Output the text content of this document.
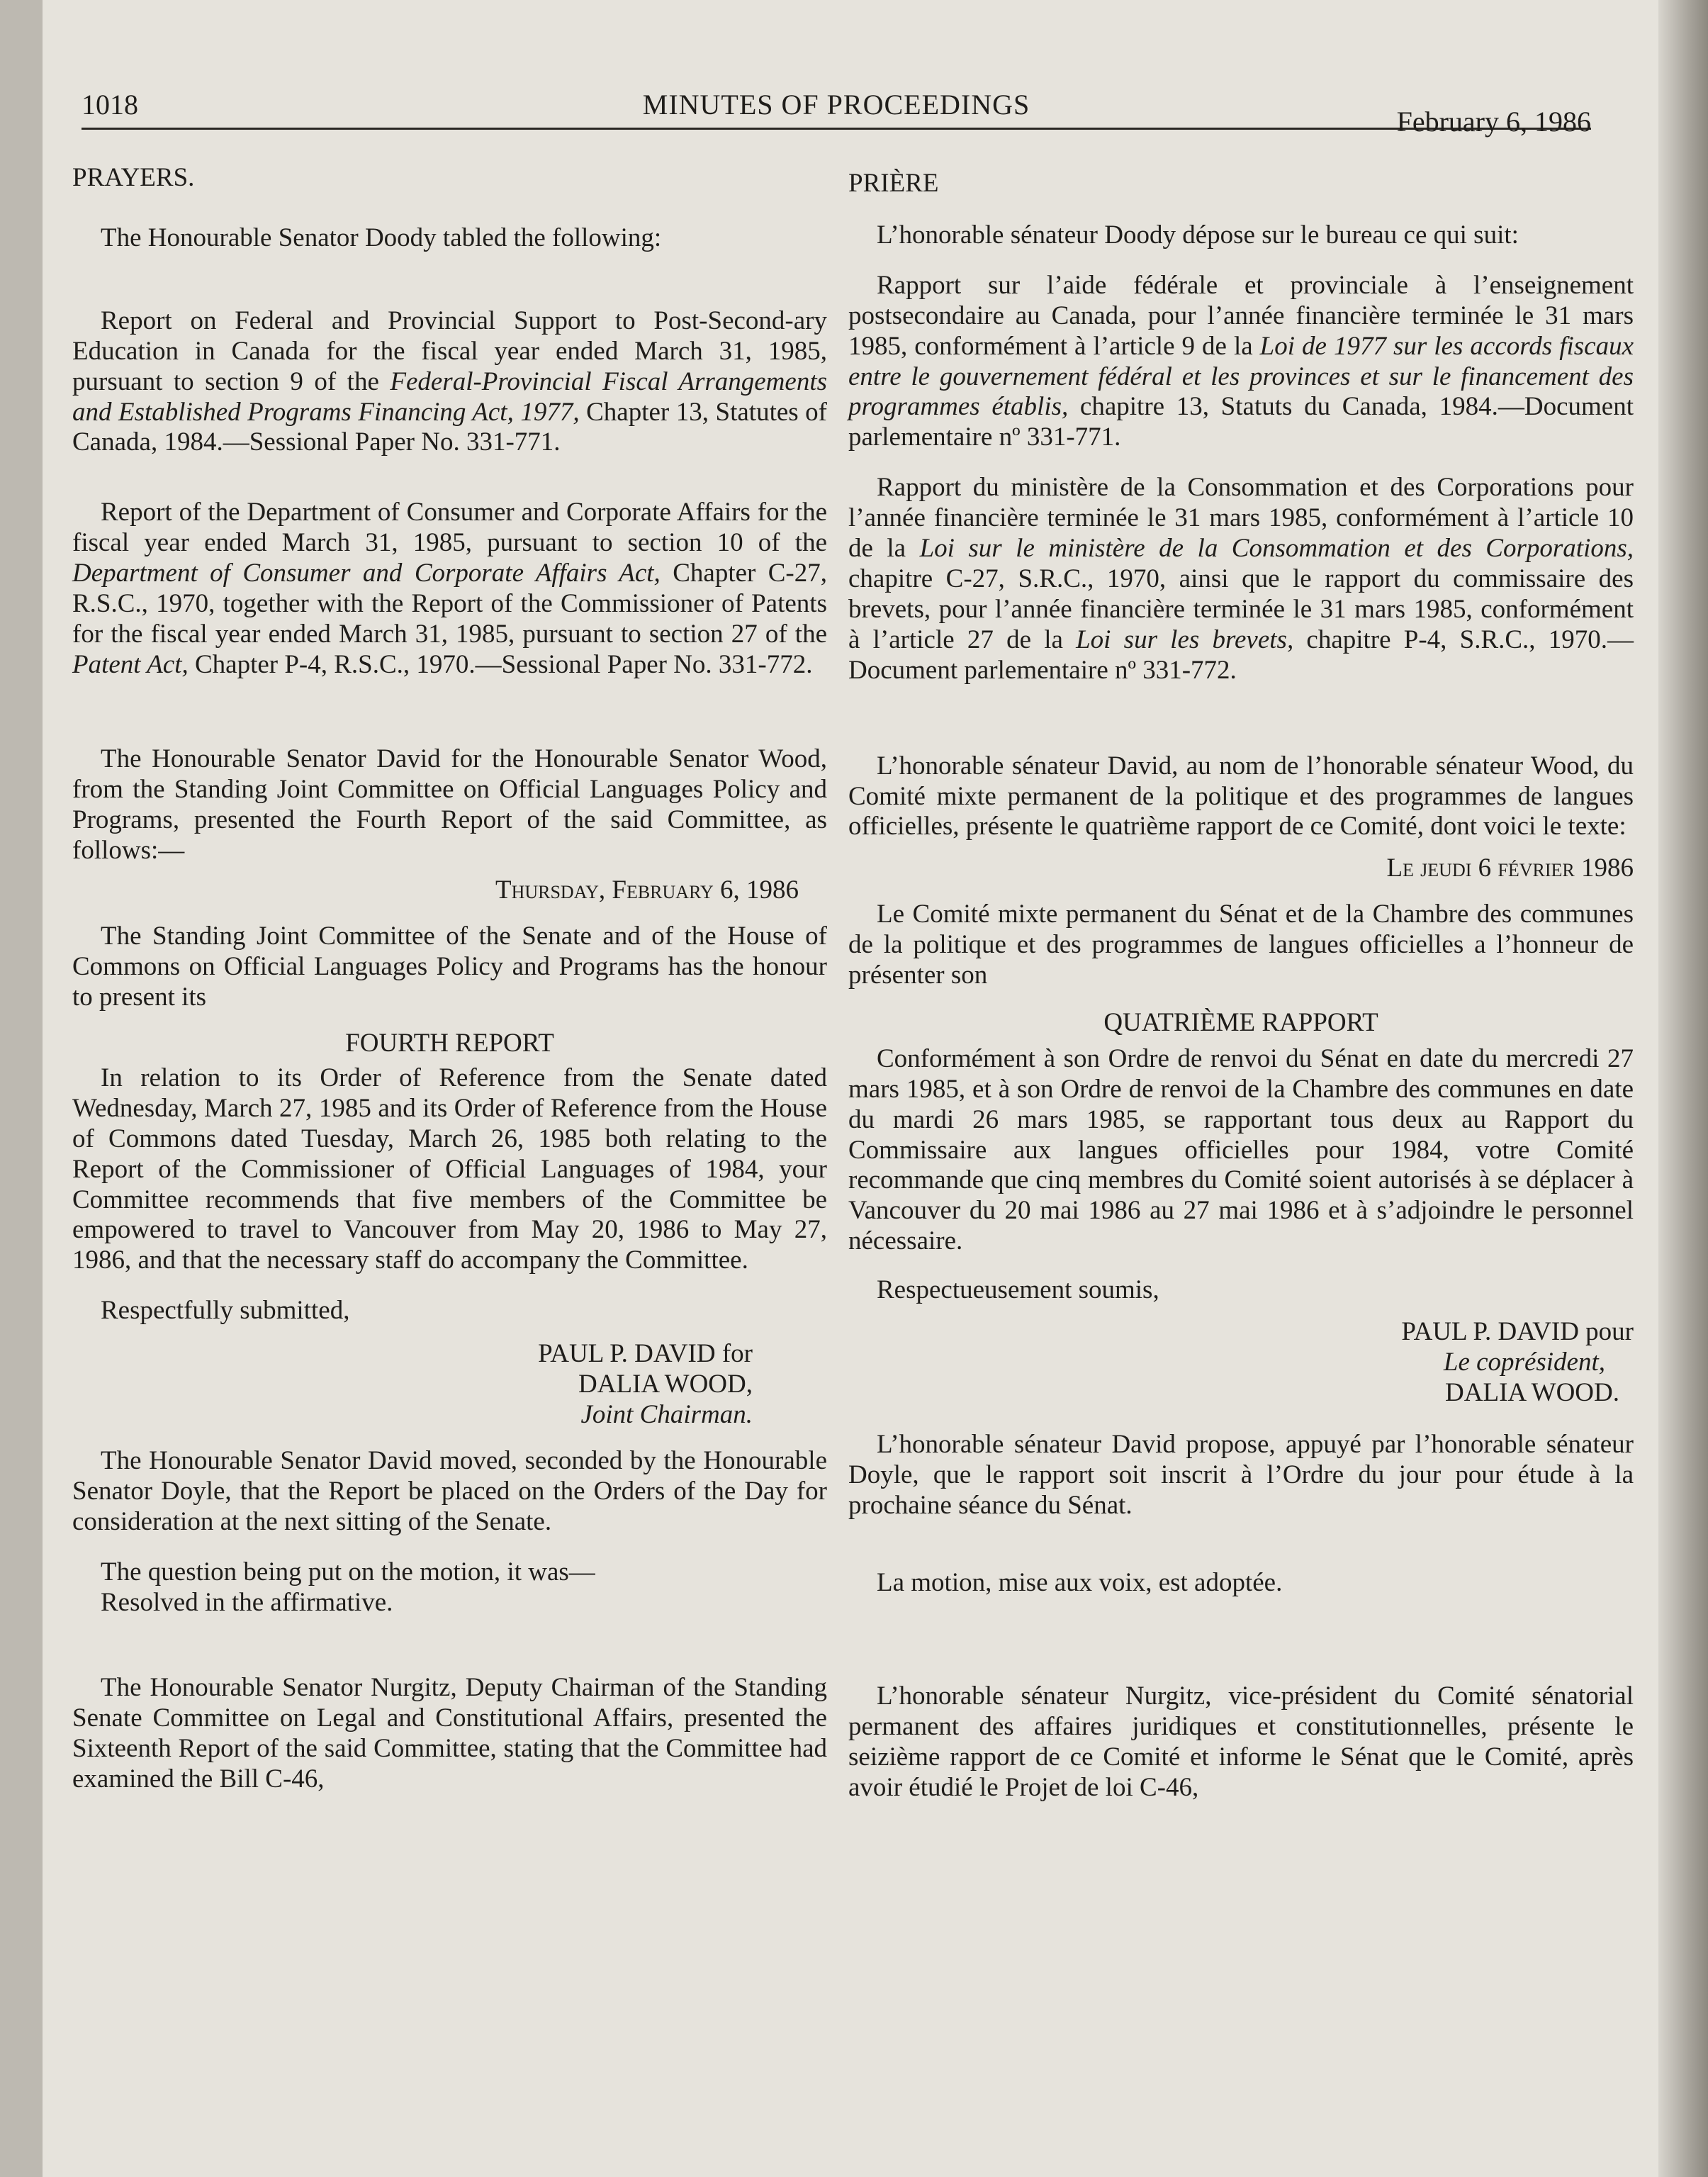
1018	MINUTES OF PROCEEDINGS
February 6, 1986

PRAYERS.

The Honourable Senator Doody tabled the following:

Report on Federal and Provincial Support to Post-Second-ary Education in Canada for the fiscal year ended March 31, 1985, pursuant to section 9 of the Federal-Provincial Fiscal Arrangements and Established Programs Financing Act, 1977, Chapter 13, Statutes of Canada, 1984.—Sessional Paper No. 331-771.

Report of the Department of Consumer and Corporate Affairs for the fiscal year ended March 31, 1985, pursuant to section 10 of the Department of Consumer and Corporate Affairs Act, Chapter C-27, R.S.C., 1970, together with the Report of the Commissioner of Patents for the fiscal year ended March 31, 1985, pursuant to section 27 of the Patent Act, Chapter P-4, R.S.C., 1970.—Sessional Paper No. 331-772.

The Honourable Senator David for the Honourable Senator Wood, from the Standing Joint Committee on Official Languages Policy and Programs, presented the Fourth Report of the said Committee, as follows:—

Thursday, February 6, 1986

The Standing Joint Committee of the Senate and of the House of Commons on Official Languages Policy and Programs has the honour to present its

FOURTH REPORT

In relation to its Order of Reference from the Senate dated Wednesday, March 27, 1985 and its Order of Reference from the House of Commons dated Tuesday, March 26, 1985 both relating to the Report of the Commissioner of Official Languages of 1984, your Committee recommends that five members of the Committee be empowered to travel to Vancouver from May 20, 1986 to May 27, 1986, and that the necessary staff do accompany the Committee.

Respectfully submitted,

PAUL P. DAVID for

DALIA WOOD,

Joint Chairman.

The Honourable Senator David moved, seconded by the Honourable Senator Doyle, that the Report be placed on the Orders of the Day for consideration at the next sitting of the Senate.

The question being put on the motion, it was—

Resolved in the affirmative.

The Honourable Senator Nurgitz, Deputy Chairman of the Standing Senate Committee on Legal and Constitutional Affairs, presented the Sixteenth Report of the said Committee, stating that the Committee had examined the Bill C-46,

PRIÈRE

L’honorable sénateur Doody dépose sur le bureau ce qui suit:

Rapport sur l’aide fédérale et provinciale à l’enseignement postsecondaire au Canada, pour l’année financière terminée le 31 mars 1985, conformément à l’article 9 de la Loi de 1977 sur les accords fiscaux entre le gouvernement fédéral et les provinces et sur le financement des programmes établis, chapitre 13, Statuts du Canada, 1984.—Document parlementaire nº 331-771.

Rapport du ministère de la Consommation et des Corporations pour l’année financière terminée le 31 mars 1985, conformément à l’article 10 de la Loi sur le ministère de la Consommation et des Corporations, chapitre C-27, S.R.C., 1970, ainsi que le rapport du commissaire des brevets, pour l’année financière terminée le 31 mars 1985, conformément à l’article 27 de la Loi sur les brevets, chapitre P-4, S.R.C., 1970.—Document parlementaire nº 331-772.

L’honorable sénateur David, au nom de l’honorable sénateur Wood, du Comité mixte permanent de la politique et des programmes de langues officielles, présente le quatrième rapport de ce Comité, dont voici le texte:

Le jeudi 6 février 1986

Le Comité mixte permanent du Sénat et de la Chambre des communes de la politique et des programmes de langues officielles a l’honneur de présenter son

QUATRIÈME RAPPORT

Conformément à son Ordre de renvoi du Sénat en date du mercredi 27 mars 1985, et à son Ordre de renvoi de la Chambre des communes en date du mardi 26 mars 1985, se rapportant tous deux au Rapport du Commissaire aux langues officielles pour 1984, votre Comité recommande que cinq membres du Comité soient autorisés à se déplacer à Vancouver du 20 mai 1986 au 27 mai 1986 et à s’adjoindre le personnel nécessaire.

Respectueusement soumis,

PAUL P. DAVID pour

Le coprésident,

DALIA WOOD.

L’honorable sénateur David propose, appuyé par l’honorable sénateur Doyle, que le rapport soit inscrit à l’Ordre du jour pour étude à la prochaine séance du Sénat.

La motion, mise aux voix, est adoptée.

L’honorable sénateur Nurgitz, vice-président du Comité sénatorial permanent des affaires juridiques et constitutionnelles, présente le seizième rapport de ce Comité et informe le Sénat que le Comité, après avoir étudié le Projet de loi C-46,
